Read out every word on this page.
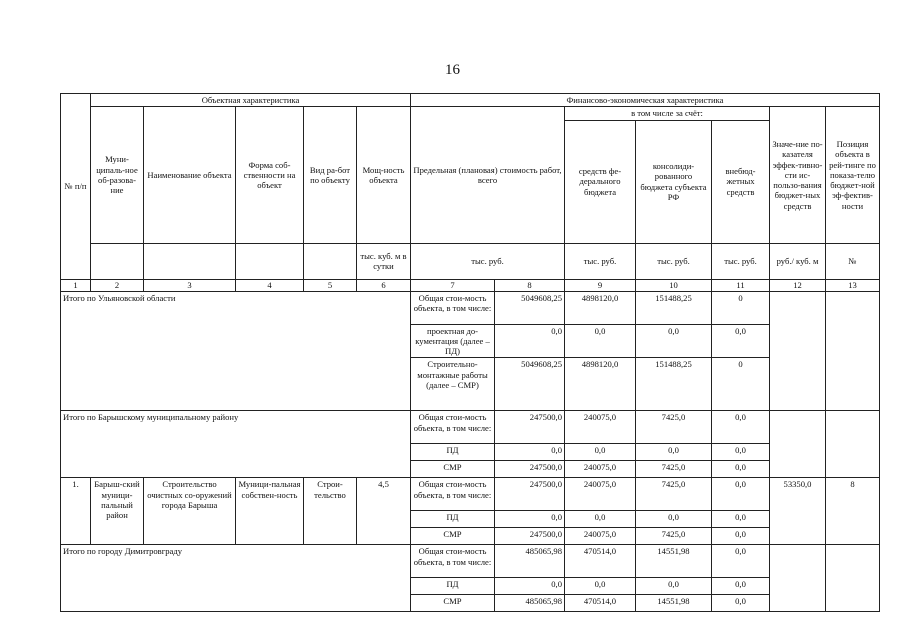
16
№ п/п	Объектная характеристика					Финансово-экономическая характеристика						
	Муни-ципаль-ное об-разова-ние	Наименование объекта	Форма соб-ственности на объект	Вид ра-бот по объекту	Мощ-ность объекта	Предельная (плановая) стоимость работ, всего		в том числе за счёт:			Значе-ние по-казателя эффек-тивно-сти ис-пользо-вания бюджет-ных средств	Позиция объекта в рей-тинге по показа-телю бюджет-ной эф-фектив-ности
								средств фе-дерального бюджета	консолиди-рованного бюджета субъекта РФ	внебюд-жетных средств		
					тыс. куб. м в сутки	тыс. руб.		тыс. руб.	тыс. руб.	тыс. руб.	руб./ куб. м	№
1	2	3	4	5	6	7	8	9	10	11	12	13
Итого по Ульяновской области						Общая стои-мость объекта, в том числе:	5049608,25	4898120,0	151488,25	0		
						проектная до-кументация (далее – ПД)	0,0	0,0	0,0	0,0		
						Строительно-монтажные работы (далее – СМР)	5049608,25	4898120,0	151488,25	0		
Итого по Барышскому муниципальному району						Общая стои-мость объекта, в том числе:	247500,0	240075,0	7425,0	0,0		
						ПД	0,0	0,0	0,0	0,0		
						СМР	247500,0	240075,0	7425,0	0,0		
1.	Барыш-ский муници-пальный район	Строительство очистных со-оружений города Барыша	Муници-пальная собствен-ность	Строи-тельство	4,5	Общая стои-мость объекта, в том числе:	247500,0	240075,0	7425,0	0,0	53350,0	8
						ПД	0,0	0,0	0,0	0,0		
						СМР	247500,0	240075,0	7425,0	0,0		
Итого по городу Димитровграду						Общая стои-мость объекта, в том числе:	485065,98	470514,0	14551,98	0,0		
						ПД	0,0	0,0	0,0	0,0		
						СМР	485065,98	470514,0	14551,98	0,0		
